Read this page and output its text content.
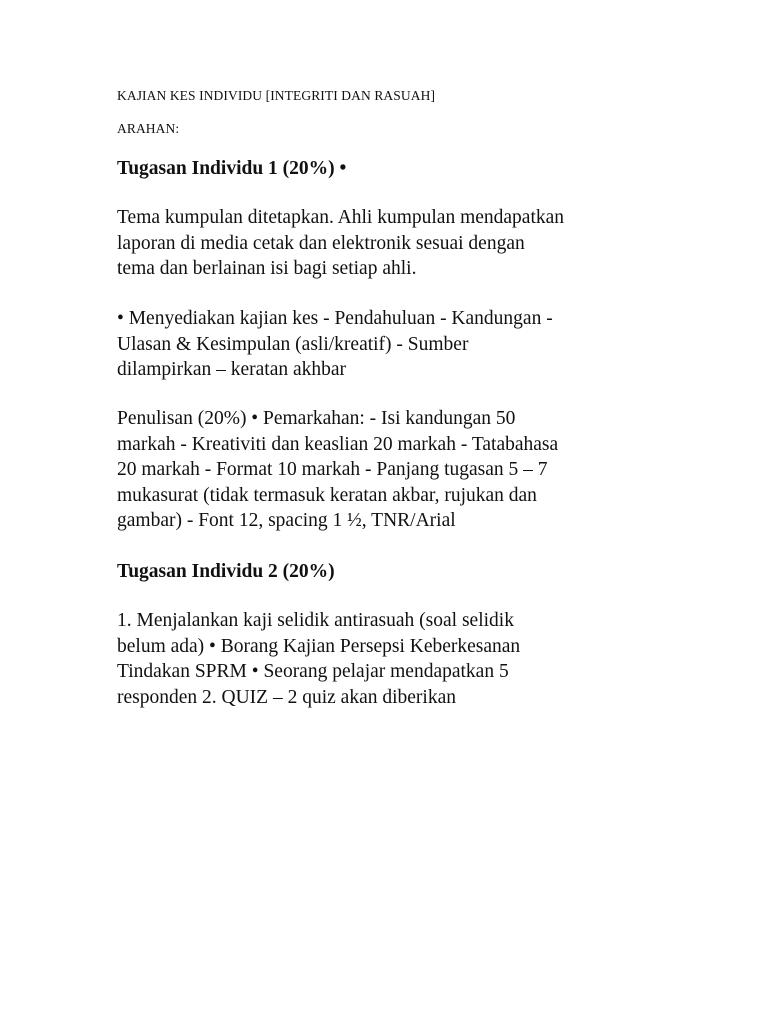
KAJIAN KES INDIVIDU [INTEGRITI DAN RASUAH]
ARAHAN:
Tugasan Individu 1 (20%) •

Tema kumpulan ditetapkan. Ahli kumpulan mendapatkan
laporan di media cetak dan elektronik sesuai dengan
tema dan berlainan isi bagi setiap ahli.

• Menyediakan kajian kes - Pendahuluan - Kandungan -
Ulasan & Kesimpulan (asli/kreatif) - Sumber
dilampirkan – keratan akhbar

Penulisan (20%) • Pemarkahan: - Isi kandungan 50
markah - Kreativiti dan keaslian 20 markah - Tatabahasa
20 markah - Format 10 markah - Panjang tugasan 5 – 7
mukasurat (tidak termasuk keratan akbar, rujukan dan
gambar) - Font 12, spacing 1 ½, TNR/Arial

Tugasan Individu 2 (20%)

1. Menjalankan kaji selidik antirasuah (soal selidik
belum ada) • Borang Kajian Persepsi Keberkesanan
Tindakan SPRM • Seorang pelajar mendapatkan 5
responden 2. QUIZ – 2 quiz akan diberikan
